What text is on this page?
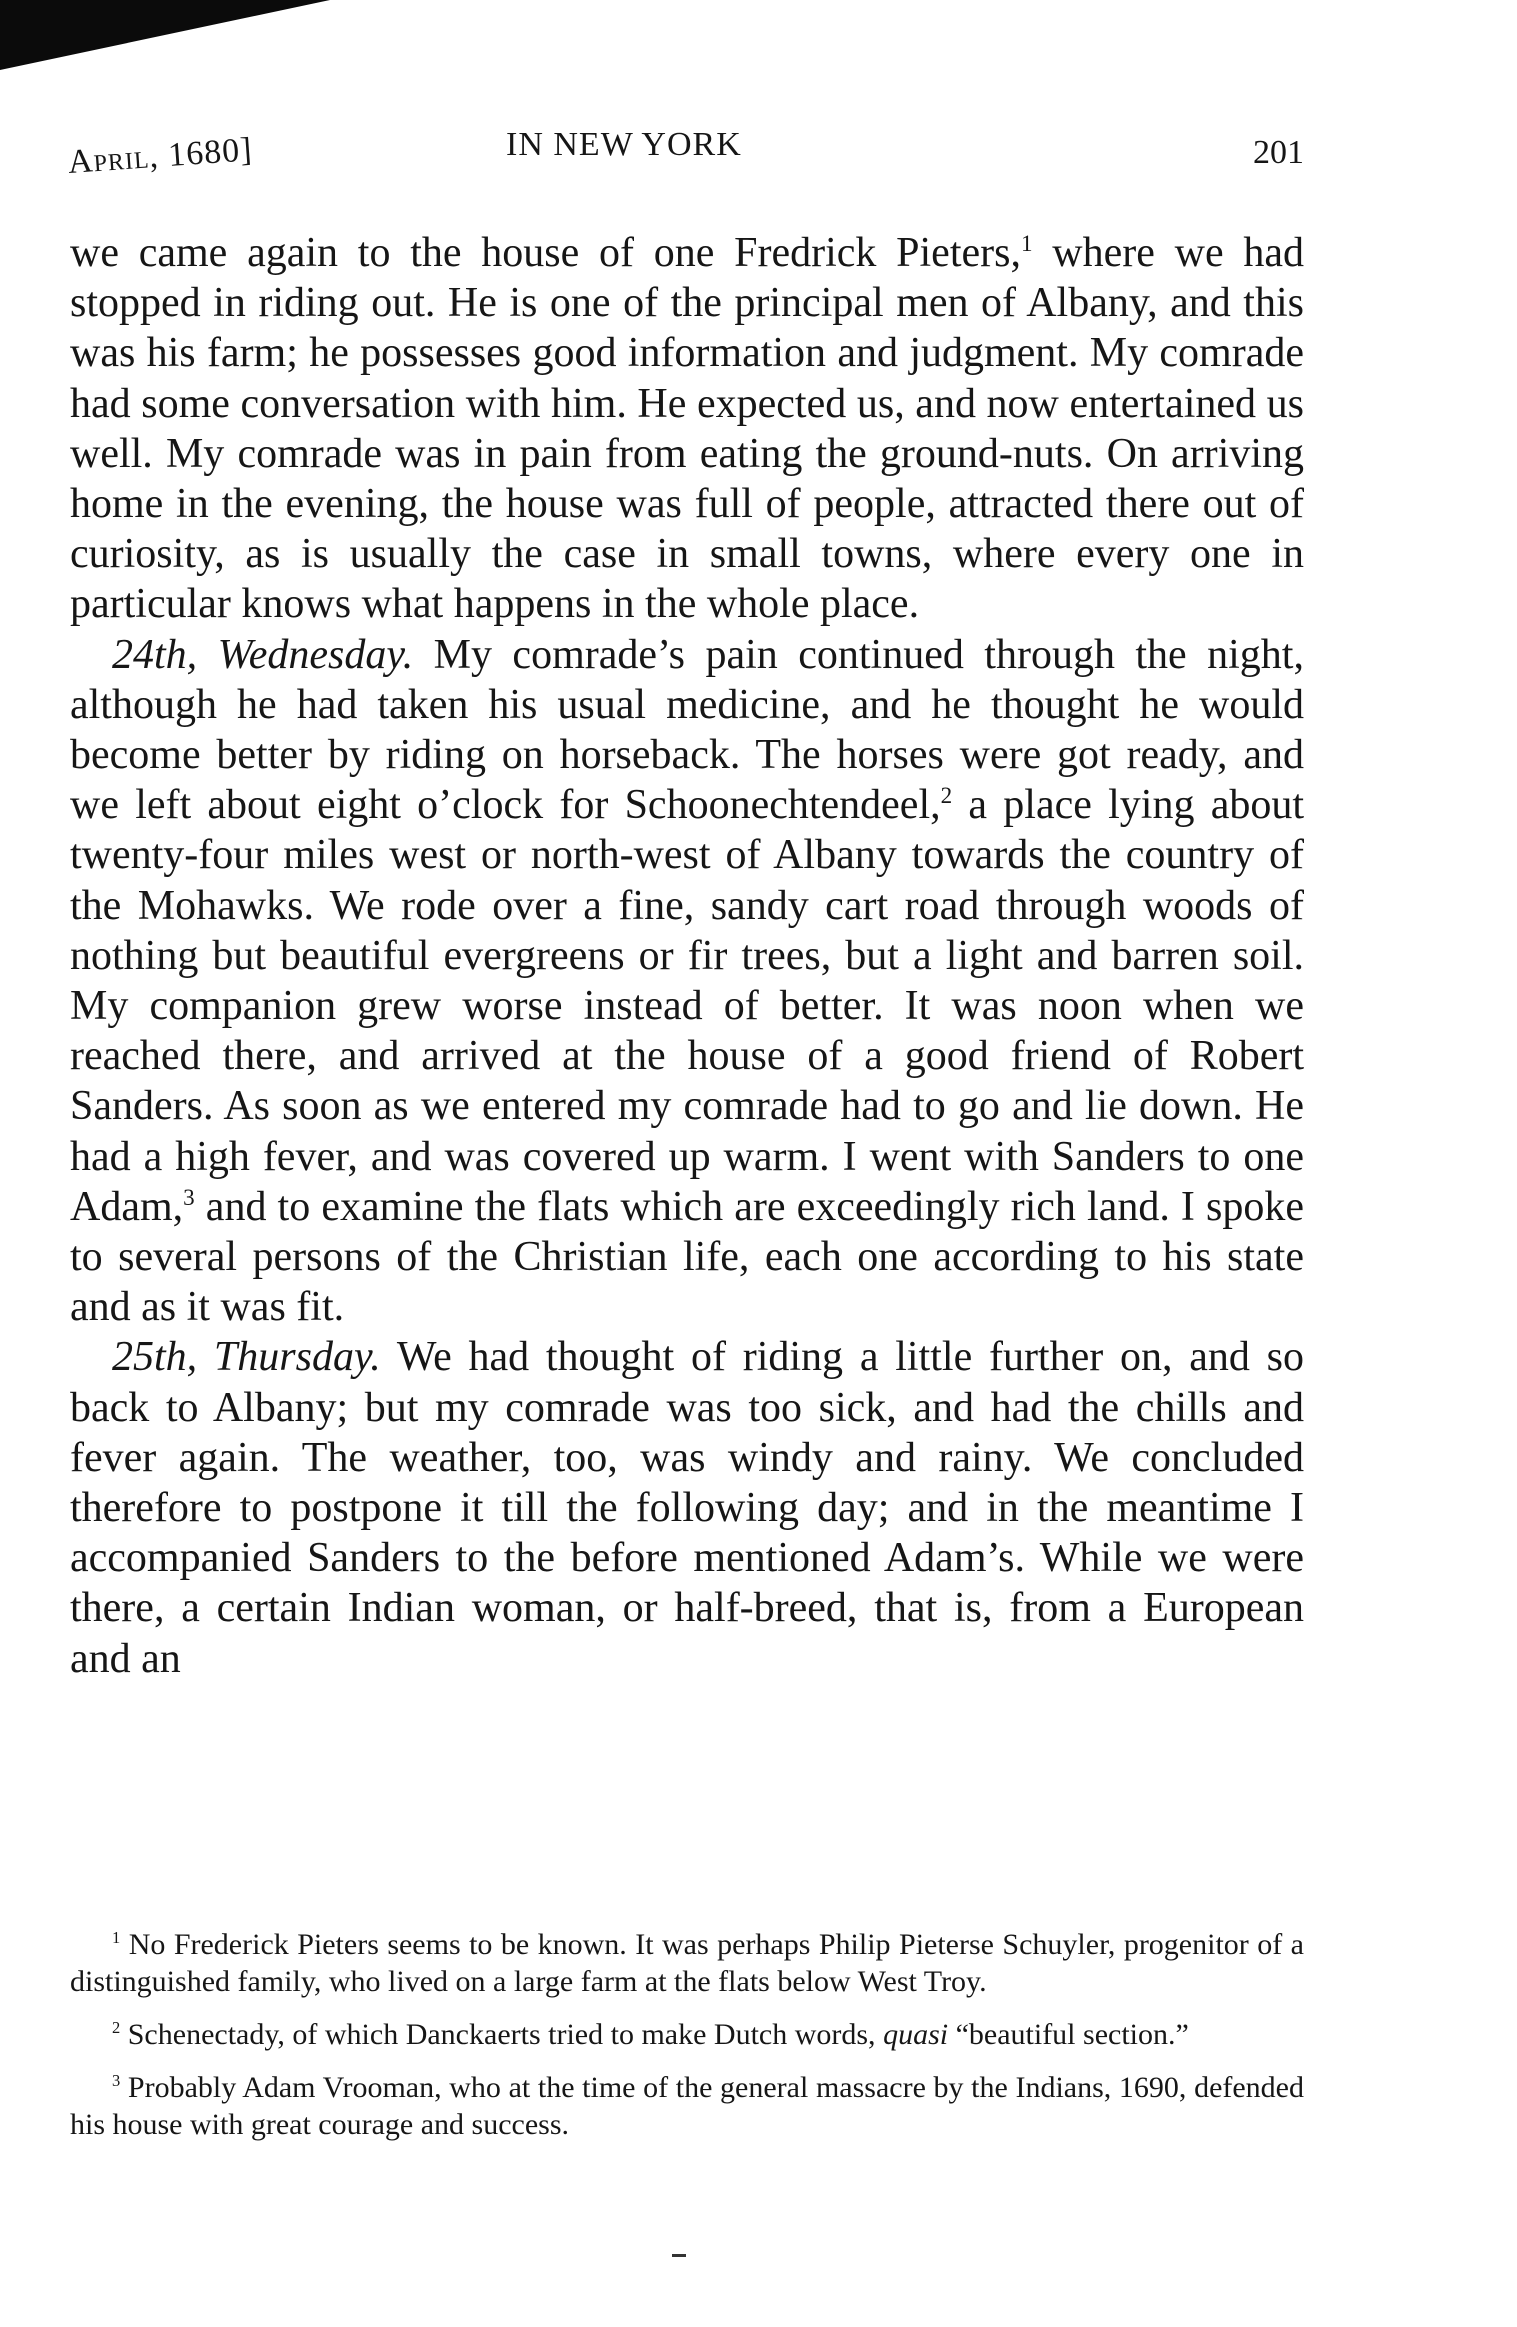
April, 1680]	IN NEW YORK	201

we came again to the house of one Fredrick Pieters,$^1$ where we had stopped in riding out. He is one of the principal men of Albany, and this was his farm; he possesses good information and judgment. My comrade had some conversation with him. He expected us, and now entertained us well. My comrade was in pain from eating the ground-nuts. On arriving home in the evening, the house was full of people, attracted there out of curiosity, as is usually the case in small towns, where every one in particular knows what happens in the whole place.

24th, Wednesday. My comrade’s pain continued through the night, although he had taken his usual medicine, and he thought he would become better by riding on horseback. The horses were got ready, and we left about eight o’clock for Schoonechtendeel,$^2$ a place lying about twenty-four miles west or north-west of Albany towards the country of the Mohawks. We rode over a fine, sandy cart road through woods of nothing but beautiful evergreens or fir trees, but a light and barren soil. My companion grew worse instead of better. It was noon when we reached there, and arrived at the house of a good friend of Robert Sanders. As soon as we entered my comrade had to go and lie down. He had a high fever, and was covered up warm. I went with Sanders to one Adam,$^3$ and to examine the flats which are exceedingly rich land. I spoke to several persons of the Christian life, each one according to his state and as it was fit.

25th, Thursday. We had thought of riding a little further on, and so back to Albany; but my comrade was too sick, and had the chills and fever again. The weather, too, was windy and rainy. We concluded therefore to postpone it till the following day; and in the meantime I accompanied Sanders to the before mentioned Adam’s. While we were there, a certain Indian woman, or half-breed, that is, from a European and an

$^1$ No Frederick Pieters seems to be known. It was perhaps Philip Pieterse Schuyler, progenitor of a distinguished family, who lived on a large farm at the flats below West Troy.

$^2$ Schenectady, of which Danckaerts tried to make Dutch words, quasi “beautiful section.”

$^3$ Probably Adam Vrooman, who at the time of the general massacre by the Indians, 1690, defended his house with great courage and success.
